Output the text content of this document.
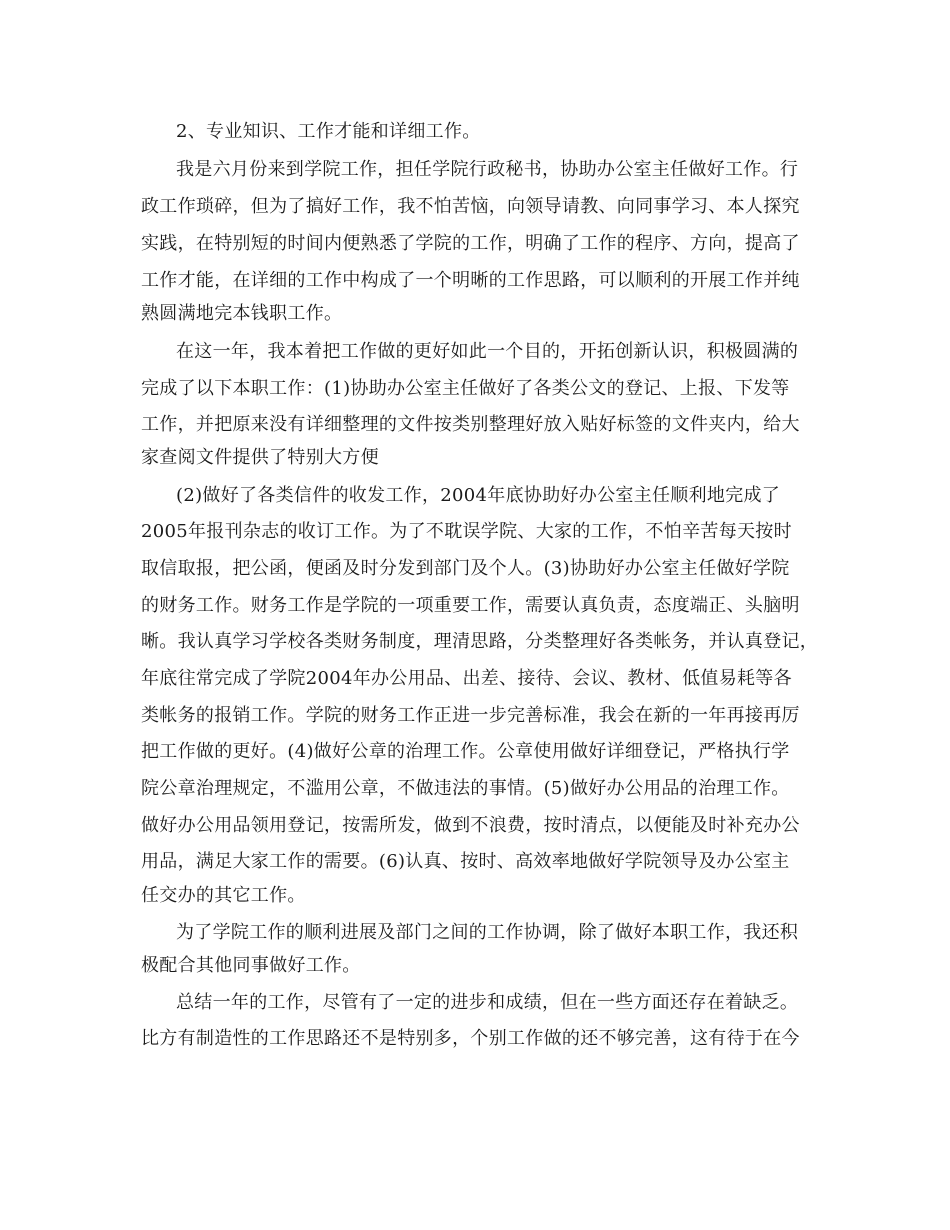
2、专业知识、工作才能和详细工作。
我是六月份来到学院工作，担任学院行政秘书，协助办公室主任做好工作。行
政工作琐碎，但为了搞好工作，我不怕苦恼，向领导请教、向同事学习、本人探究
实践，在特别短的时间内便熟悉了学院的工作，明确了工作的程序、方向，提高了
工作才能，在详细的工作中构成了一个明晰的工作思路，可以顺利的开展工作并纯
熟圆满地完本钱职工作。
在这一年，我本着把工作做的更好如此一个目的，开拓创新认识，积极圆满的
完成了以下本职工作：(1)协助办公室主任做好了各类公文的登记、上报、下发等
工作，并把原来没有详细整理的文件按类别整理好放入贴好标签的文件夹内，给大
家查阅文件提供了特别大方便
(2)做好了各类信件的收发工作，2004年底协助好办公室主任顺利地完成了
2005年报刊杂志的收订工作。为了不耽误学院、大家的工作，不怕辛苦每天按时
取信取报，把公函，便函及时分发到部门及个人。(3)协助好办公室主任做好学院
的财务工作。财务工作是学院的一项重要工作，需要认真负责，态度端正、头脑明
晰。我认真学习学校各类财务制度，理清思路，分类整理好各类帐务，并认真登记，
年底往常完成了学院2004年办公用品、出差、接待、会议、教材、低值易耗等各
类帐务的报销工作。学院的财务工作正进一步完善标准，我会在新的一年再接再厉
把工作做的更好。(4)做好公章的治理工作。公章使用做好详细登记，严格执行学
院公章治理规定，不滥用公章，不做违法的事情。(5)做好办公用品的治理工作。
做好办公用品领用登记，按需所发，做到不浪费，按时清点，以便能及时补充办公
用品，满足大家工作的需要。(6)认真、按时、高效率地做好学院领导及办公室主
任交办的其它工作。
为了学院工作的顺利进展及部门之间的工作协调，除了做好本职工作，我还积
极配合其他同事做好工作。
总结一年的工作，尽管有了一定的进步和成绩，但在一些方面还存在着缺乏。
比方有制造性的工作思路还不是特别多，个别工作做的还不够完善，这有待于在今
